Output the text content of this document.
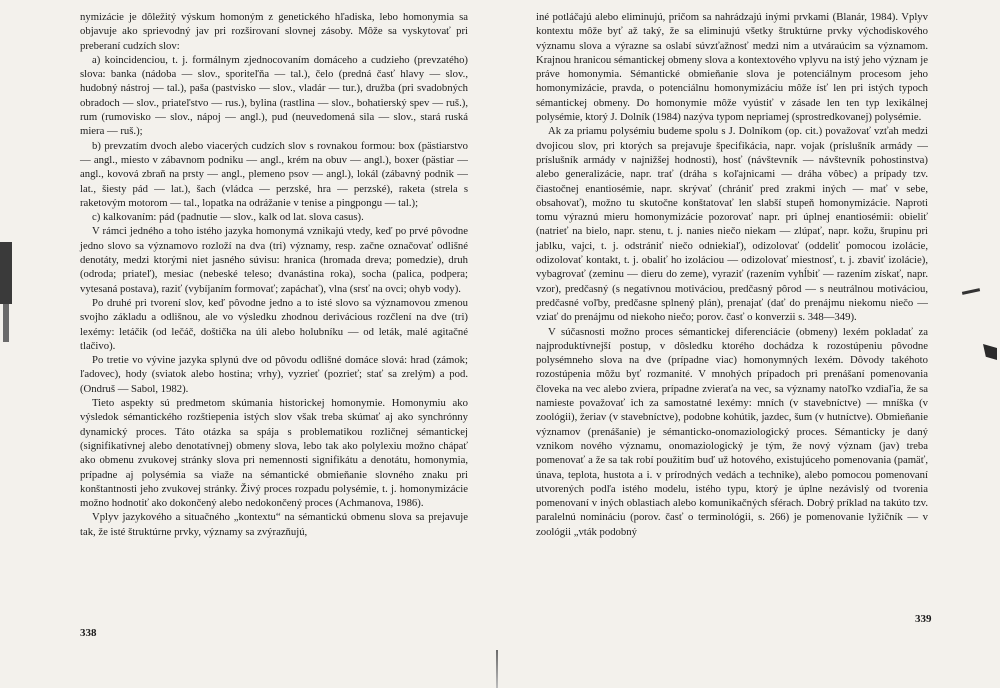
nymizácie je dôležitý výskum homoným z genetického hľadiska, lebo homonymia sa objavuje ako sprievodný jav pri rozširovaní slovnej zásoby. Môže sa vyskytovať pri preberaní cudzích slov:

a) koincidenciou, t. j. formálnym zjednocovaním domáceho a cudzieho (prevzatého) slova: banka (nádoba — slov., sporiteľňa — tal.), čelo (predná časť hlavy — slov., hudobný nástroj — tal.), paša (pastvisko — slov., vladár — tur.), družba (pri svadobných obradoch — slov., priateľstvo — rus.), bylina (rastlina — slov., bohatierský spev — ruš.), rum (rumovisko — slov., nápoj — angl.), pud (neuvedomená sila — slov., stará ruská miera — ruš.);

b) prevzatím dvoch alebo viacerých cudzích slov s rovnakou formou: box (pästiarstvo — angl., miesto v zábavnom podniku — angl., krém na obuv — angl.), boxer (pästiar — angl., kovová zbraň na prsty — angl., plemeno psov — angl.), lokál (zábavný podnik — lat., šiesty pád — lat.), šach (vládca — perzské, hra — perzské), raketa (strela s raketovým motorom — tal., lopatka na odrážanie v tenise a pingpongu — tal.);

c) kalkovaním: pád (padnutie — slov., kalk od lat. slova casus).

V rámci jedného a toho istého jazyka homonymá vznikajú vtedy, keď po prvé pôvodne jedno slovo sa významovo rozloží na dva (tri) významy, resp. začne označovať odlišné denotáty, medzi ktorými niet jasného súvisu: hranica (hromada dreva; pomedzie), druh (odroda; priateľ), mesiac (nebeské teleso; dvanástina roka), socha (palica, podpera; vytesaná postava), raziť (vybíjaním formovať; zapáchať), vlna (srsť na ovci; ohyb vody).

Po druhé pri tvorení slov, keď pôvodne jedno a to isté slovo sa významovou zmenou svojho základu a odlišnou, ale vo výsledku zhodnou derivácious rozčlení na dve (tri) lexémy: letáčik (od lečáč, doštička na úli alebo holubníku — od leták, malé agitačné tlačivo).

Po tretie vo vývine jazyka splynú dve od pôvodu odlišné domáce slová: hrad (zámok; ľadovec), hody (sviatok alebo hostina; vrhy), vyzrieť (pozrieť; stať sa zrelým) a pod. (Ondruš — Sabol, 1982).

Tieto aspekty sú predmetom skúmania historickej homonymie. Homonymiu ako výsledok sémantického rozštiepenia istých slov však treba skúmať aj ako synchrónny dynamický proces. Táto otázka sa spája s problematikou rozličnej sémantickej (signifikatívnej alebo denotatívnej) obmeny slova, lebo tak ako polylexiu možno chápať ako obmenu zvukovej stránky slova pri nemennosti signifikátu a denotátu, homonymia, prípadne aj polysémia sa viaže na sémantické obmieňanie slovného znaku pri konštantnosti jeho zvukovej stránky. Živý proces rozpadu polysémie, t. j. homonymizácie možno hodnotiť ako dokončený alebo nedokončený proces (Achmanova, 1986).

Vplyv jazykového a situačného „kontextu“ na sémantickú obmenu slova sa prejavuje tak, že isté štruktúrne prvky, významy sa zvýrazňujú,

338

iné potláčajú alebo eliminujú, pričom sa nahrádzajú inými prvkami (Blanár, 1984). Vplyv kontextu môže byť až taký, že sa eliminujú všetky štruktúrne prvky východiskového významu slova a výrazne sa oslabí súvzťažnosť medzi nim a utváraúcim sa významom. Krajnou hranicou sémantickej obmeny slova a kontextového vplyvu na istý jeho význam je práve homonymia. Sémantické obmieňanie slova je potenciálnym procesom jeho homonymizácie, pravda, o potenciálnu homonymizáciu môže ísť len pri istých typoch sémantickej obmeny. Do homonymie môže vyústiť v zásade len ten typ lexikálnej polysémie, ktorý J. Dolník (1984) nazýva typom nepriamej (sprostredkovanej) polysémie.

Ak za priamu polysémiu budeme spolu s J. Dolníkom (op. cit.) považovať vzťah medzi dvojicou slov, pri ktorých sa prejavuje špecifikácia, napr. vojak (príslušník armády — príslušník armády v najnižšej hodnosti), hosť (návštevník — návštevník pohostinstva) alebo generalizácie, napr. trať (dráha s koľajnicami — dráha vôbec) a prípady tzv. čiastočnej enantiosémie, napr. skrývať (chrániť pred zrakmi iných — mať v sebe, obsahovať), možno tu skutočne konštatovať len slabší stupeň homonymizácie. Naproti tomu výraznú mieru homonymizácie pozorovať napr. pri úplnej enantiosémii: obieliť (natrieť na bielo, napr. stenu, t. j. nanies niečo niekam — zlúpať, napr. kožu, šrupinu pri jablku, vajci, t. j. odstrániť niečo odniekiaľ), odizolovať (oddeliť pomocou izolácie, odizolovať kontakt, t. j. obaliť ho izoláciou — odizolovať miestnosť, t. j. zbaviť izolácie), vybagrovať (zeminu — dieru do zeme), vyraziť (razením vyhĺbiť — razením získať, napr. vzor), predčasný (s negatívnou motiváciou, predčasný pôrod — s neutrálnou motiváciou, predčasné voľby, predčasne splnený plán), prenajať (dať do prenájmu niekomu niečo — vziať do prenájmu od niekoho niečo; porov. časť o konverzii s. 348—349).

V súčasnosti možno proces sémantickej diferenciácie (obmeny) lexém pokladať za najproduktívnejší postup, v dôsledku ktorého dochádza k rozostúpeniu pôvodne polysémneho slova na dve (prípadne viac) homonymných lexém. Dôvody takéhoto rozostúpenia môžu byť rozmanité. V mnohých prípadoch pri prenášaní pomenovania človeka na vec alebo zviera, prípadne zvieraťa na vec, sa významy natoľko vzdiaľia, že sa namieste považovať ich za samostatné lexémy: mních (v stavebníctve) — mníška (v zoológii), žeriav (v stavebníctve), podobne kohútik, jazdec, šum (v hutníctve). Obmieňanie významov (prenášanie) je sémanticko-onomaziologický proces. Sémanticky je daný vznikom nového významu, onomaziologický je tým, že nový význam (jav) treba pomenovať a že sa tak robí použitím buď už hotového, existujúceho pomenovania (pamäť, únava, teplota, hustota a i. v prírodných vedách a technike), alebo pomocou pomenovaní utvorených podľa istého modelu, istého typu, ktorý je úplne nezávislý od tvorenia pomenovaní v iných oblastiach alebo komunikačných sférach. Dobrý príklad na takúto tzv. paralelnú nomináciu (porov. časť o terminológii, s. 266) je pomenovanie lyžičník — v zoológii „vták podobný

339
